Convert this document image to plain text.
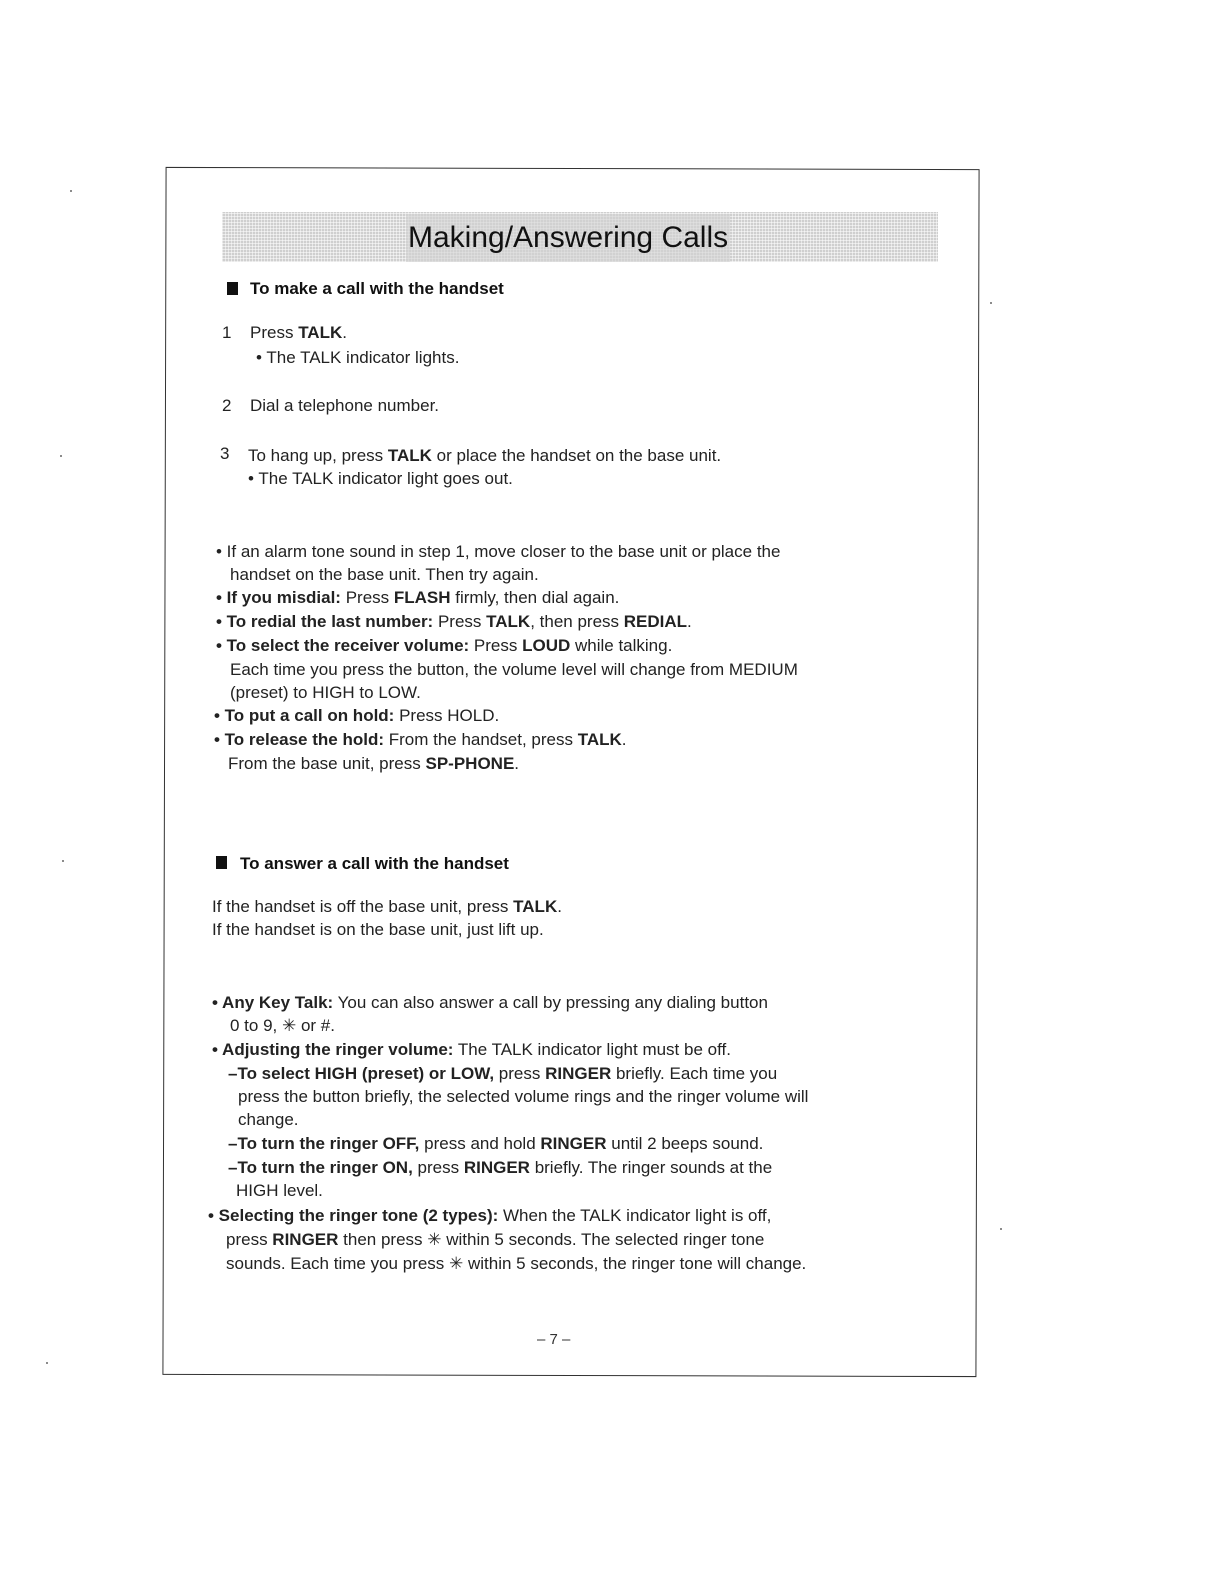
Making/Answering Calls
To make a call with the handset
1 Press TALK.
• The TALK indicator lights.
2 Dial a telephone number.
3 To hang up, press TALK or place the handset on the base unit.
• The TALK indicator light goes out.
• If an alarm tone sound in step 1, move closer to the base unit or place the
handset on the base unit. Then try again.
• If you misdial: Press FLASH firmly, then dial again.
• To redial the last number: Press TALK, then press REDIAL.
• To select the receiver volume: Press LOUD while talking.
Each time you press the button, the volume level will change from MEDIUM
(preset) to HIGH to LOW.
• To put a call on hold: Press HOLD.
• To release the hold: From the handset, press TALK.
From the base unit, press SP-PHONE.
To answer a call with the handset
If the handset is off the base unit, press TALK.
If the handset is on the base unit, just lift up.
• Any Key Talk: You can also answer a call by pressing any dialing button
0 to 9, ✳ or #.
• Adjusting the ringer volume: The TALK indicator light must be off.
–To select HIGH (preset) or LOW, press RINGER briefly. Each time you
press the button briefly, the selected volume rings and the ringer volume will
change.
–To turn the ringer OFF, press and hold RINGER until 2 beeps sound.
–To turn the ringer ON, press RINGER briefly. The ringer sounds at the
HIGH level.
• Selecting the ringer tone (2 types): When the TALK indicator light is off,
press RINGER then press ✳ within 5 seconds. The selected ringer tone
sounds. Each time you press ✳ within 5 seconds, the ringer tone will change.
– 7 –
